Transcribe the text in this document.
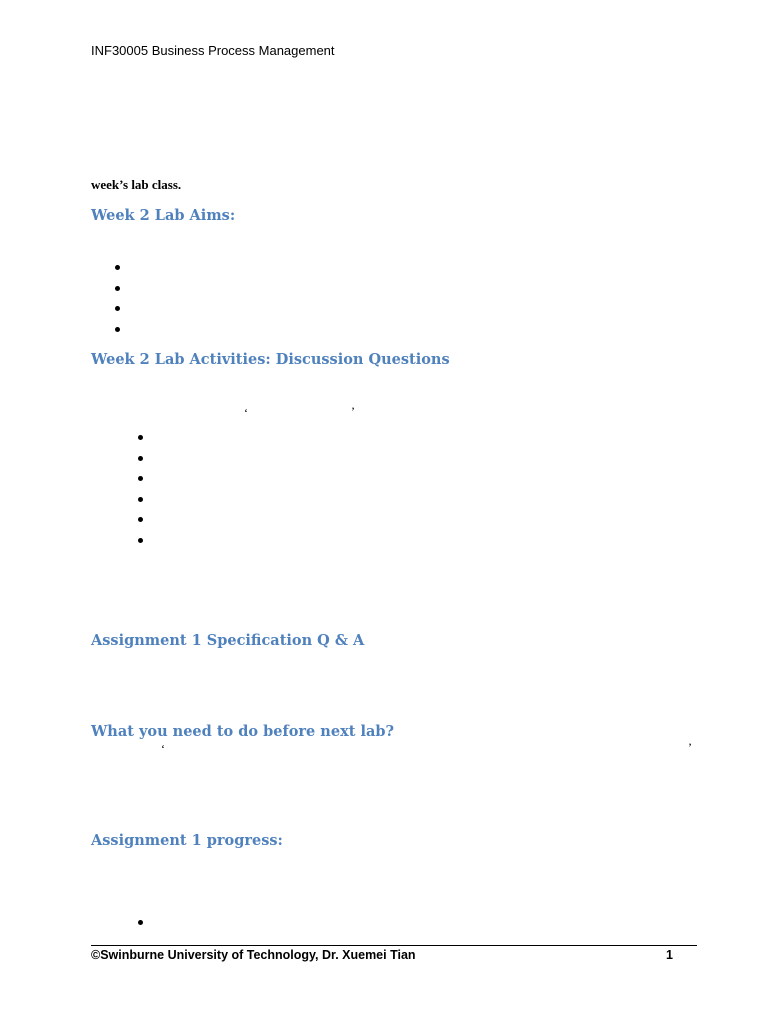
INF30005 Business Process Management
week’s lab class.
Week 2 Lab Aims:
Week 2 Lab Activities: Discussion Questions
‘	’
Assignment 1 Specification Q & A
What you need to do before next lab?
‘	’
Assignment 1 progress:
©Swinburne University of Technology, Dr. Xuemei Tian	1
